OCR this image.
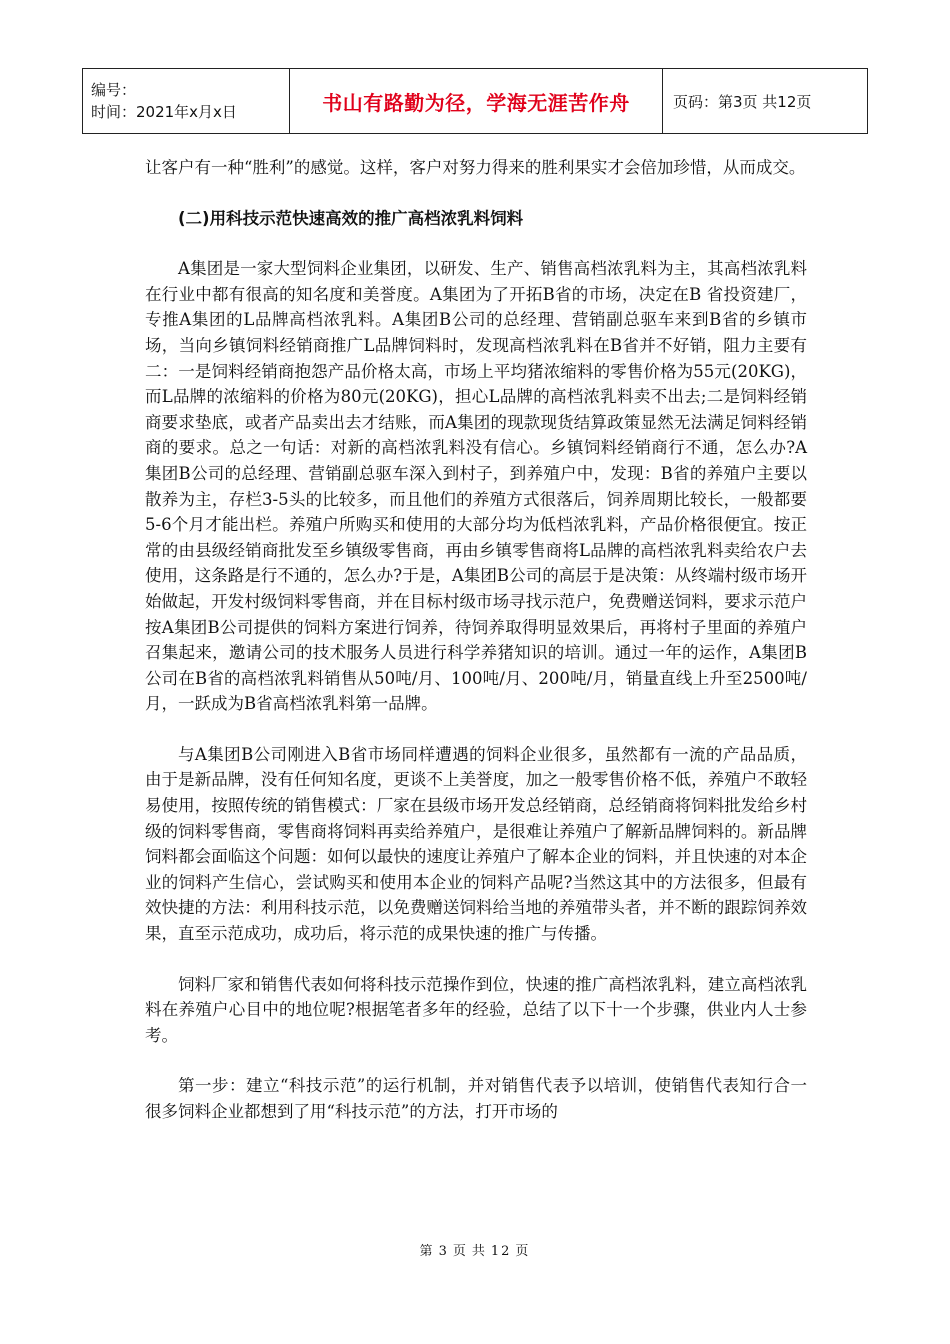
编号：
时间：2021年x月x日	书山有路勤为径，学海无涯苦作舟	页码：第3页 共12页

让客户有一种“胜利”的感觉。这样，客户对努力得来的胜利果实才会倍加珍惜，从而成交。

(二)用科技示范快速高效的推广高档浓乳料饲料

A集团是一家大型饲料企业集团，以研发、生产、销售高档浓乳料为主，其高档浓乳料在行业中都有很高的知名度和美誉度。A集团为了开拓B省的市场，决定在B 省投资建厂，专推A集团的L品牌高档浓乳料。A集团B公司的总经理、营销副总驱车来到B省的乡镇市场，当向乡镇饲料经销商推广L品牌饲料时，发现高档浓乳料在B省并不好销，阻力主要有二：一是饲料经销商抱怨产品价格太高，市场上平均猪浓缩料的零售价格为55元(20KG)，而L品牌的浓缩料的价格为80元(20KG)，担心L品牌的高档浓乳料卖不出去;二是饲料经销商要求垫底，或者产品卖出去才结账，而A集团的现款现货结算政策显然无法满足饲料经销商的要求。总之一句话：对新的高档浓乳料没有信心。乡镇饲料经销商行不通，怎么办?A集团B公司的总经理、营销副总驱车深入到村子，到养殖户中，发现：B省的养殖户主要以散养为主，存栏3-5头的比较多，而且他们的养殖方式很落后，饲养周期比较长，一般都要5-6个月才能出栏。养殖户所购买和使用的大部分均为低档浓乳料，产品价格很便宜。按正常的由县级经销商批发至乡镇级零售商，再由乡镇零售商将L品牌的高档浓乳料卖给农户去使用，这条路是行不通的，怎么办?于是，A集团B公司的高层于是决策：从终端村级市场开始做起，开发村级饲料零售商，并在目标村级市场寻找示范户，免费赠送饲料，要求示范户按A集团B公司提供的饲料方案进行饲养，待饲养取得明显效果后，再将村子里面的养殖户召集起来，邀请公司的技术服务人员进行科学养猪知识的培训。通过一年的运作，A集团B 公司在B省的高档浓乳料销售从50吨/月、100吨/月、200吨/月，销量直线上升至2500吨/月，一跃成为B省高档浓乳料第一品牌。

与A集团B公司刚进入B省市场同样遭遇的饲料企业很多，虽然都有一流的产品品质，由于是新品牌，没有任何知名度，更谈不上美誉度，加之一般零售价格不低，养殖户不敢轻易使用，按照传统的销售模式：厂家在县级市场开发总经销商，总经销商将饲料批发给乡村级的饲料零售商，零售商将饲料再卖给养殖户，是很难让养殖户了解新品牌饲料的。新品牌饲料都会面临这个问题：如何以最快的速度让养殖户了解本企业的饲料，并且快速的对本企业的饲料产生信心，尝试购买和使用本企业的饲料产品呢?当然这其中的方法很多，但最有效快捷的方法：利用科技示范，以免费赠送饲料给当地的养殖带头者，并不断的跟踪饲养效果，直至示范成功，成功后，将示范的成果快速的推广与传播。

饲料厂家和销售代表如何将科技示范操作到位，快速的推广高档浓乳料，建立高档浓乳料在养殖户心目中的地位呢?根据笔者多年的经验，总结了以下十一个步骤，供业内人士参考。

第一步：建立“科技示范”的运行机制，并对销售代表予以培训，使销售代表知行合一　　很多饲料企业都想到了用“科技示范”的方法，打开市场的

第 3 页 共 12 页
